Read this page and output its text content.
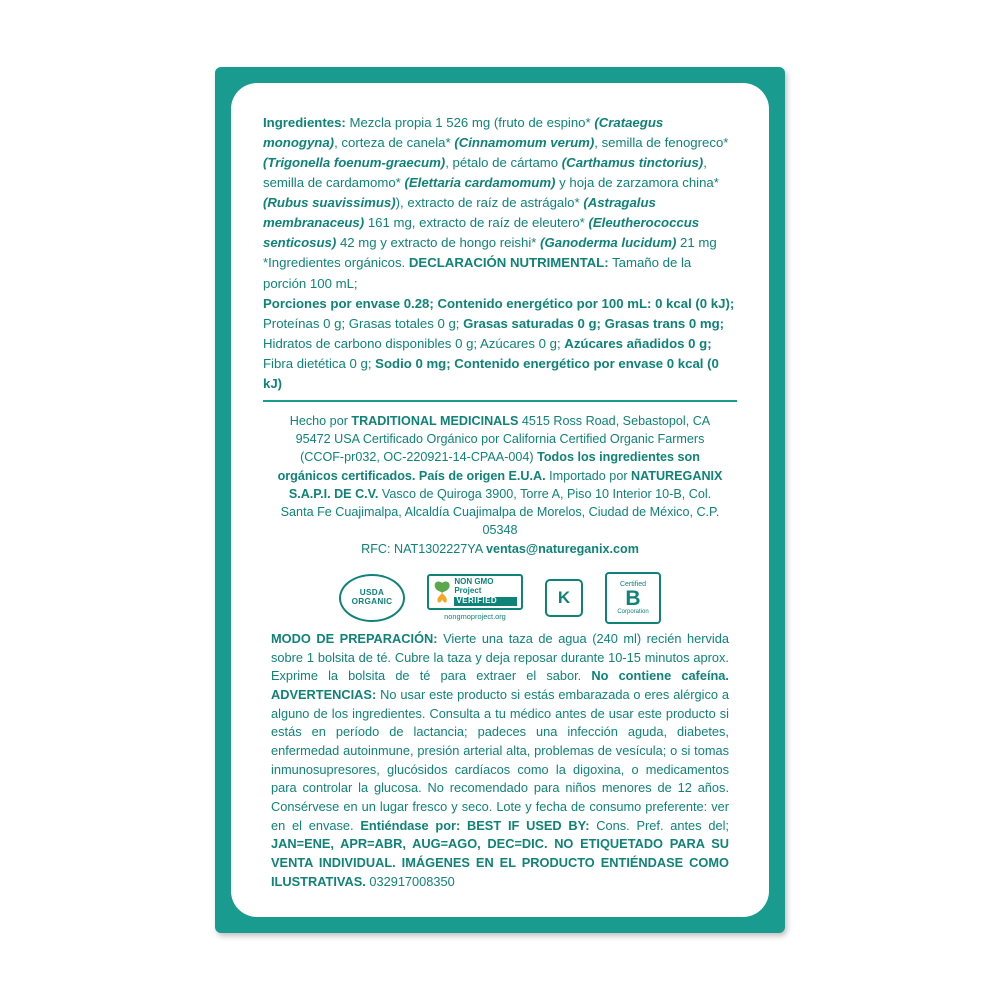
Ingredientes: Mezcla propia 1 526 mg (fruto de espino* (Crataegus monogyna), corteza de canela* (Cinnamomum verum), semilla de fenogreco* (Trigonella foenum-graecum), pétalo de cártamo (Carthamus tinctorius), semilla de cardamomo* (Elettaria cardamomum) y hoja de zarzamora china* (Rubus suavissimus)), extracto de raíz de astrágalo* (Astragalus membranaceus) 161 mg, extracto de raíz de eleutero* (Eleutherococcus senticosus) 42 mg y extracto de hongo reishi* (Ganoderma lucidum) 21 mg *Ingredientes orgánicos. DECLARACIÓN NUTRIMENTAL: Tamaño de la porción 100 mL;

Porciones por envase 0.28; Contenido energético por 100 mL: 0 kcal (0 kJ);
Proteínas 0 g; Grasas totales 0 g; Grasas saturadas 0 g; Grasas trans 0 mg;
Hidratos de carbono disponibles 0 g; Azúcares 0 g; Azúcares añadidos 0 g;
Fibra dietética 0 g; Sodio 0 mg; Contenido energético por envase 0 kcal (0 kJ)

Hecho por TRADITIONAL MEDICINALS 4515 Ross Road, Sebastopol, CA 95472 USA Certificado Orgánico por California Certified Organic Farmers (CCOF-pr032, OC-220921-14-CPAA-004) Todos los ingredientes son orgánicos certificados. País de origen E.U.A. Importado por NATUREGANIX S.A.P.I. DE C.V. Vasco de Quiroga 3900, Torre A, Piso 10 Interior 10-B, Col. Santa Fe Cuajimalpa, Alcaldía Cuajimalpa de Morelos, Ciudad de México, C.P. 05348
RFC: NAT1302227YA ventas@natureganix.com
USDA
ORGANIC
NON GMO Project
VERIFIED
nongmoproject.org
K
Certified
B
Corporation
MODO DE PREPARACIÓN: Vierte una taza de agua (240 ml) recién hervida sobre 1 bolsita de té. Cubre la taza y deja reposar durante 10-15 minutos aprox. Exprime la bolsita de té para extraer el sabor. No contiene cafeína. ADVERTENCIAS: No usar este producto si estás embarazada o eres alérgico a alguno de los ingredientes. Consulta a tu médico antes de usar este producto si estás en período de lactancia; padeces una infección aguda, diabetes, enfermedad autoinmune, presión arterial alta, problemas de vesícula; o si tomas inmunosupresores, glucósidos cardíacos como la digoxina, o medicamentos para controlar la glucosa. No recomendado para niños menores de 12 años. Consérvese en un lugar fresco y seco. Lote y fecha de consumo preferente: ver en el envase. Entiéndase por: BEST IF USED BY: Cons. Pref. antes del; JAN=ENE, APR=ABR, AUG=AGO, DEC=DIC. NO ETIQUETADO PARA SU VENTA INDIVIDUAL. IMÁGENES EN EL PRODUCTO ENTIÉNDASE COMO ILUSTRATIVAS. 032917008350
